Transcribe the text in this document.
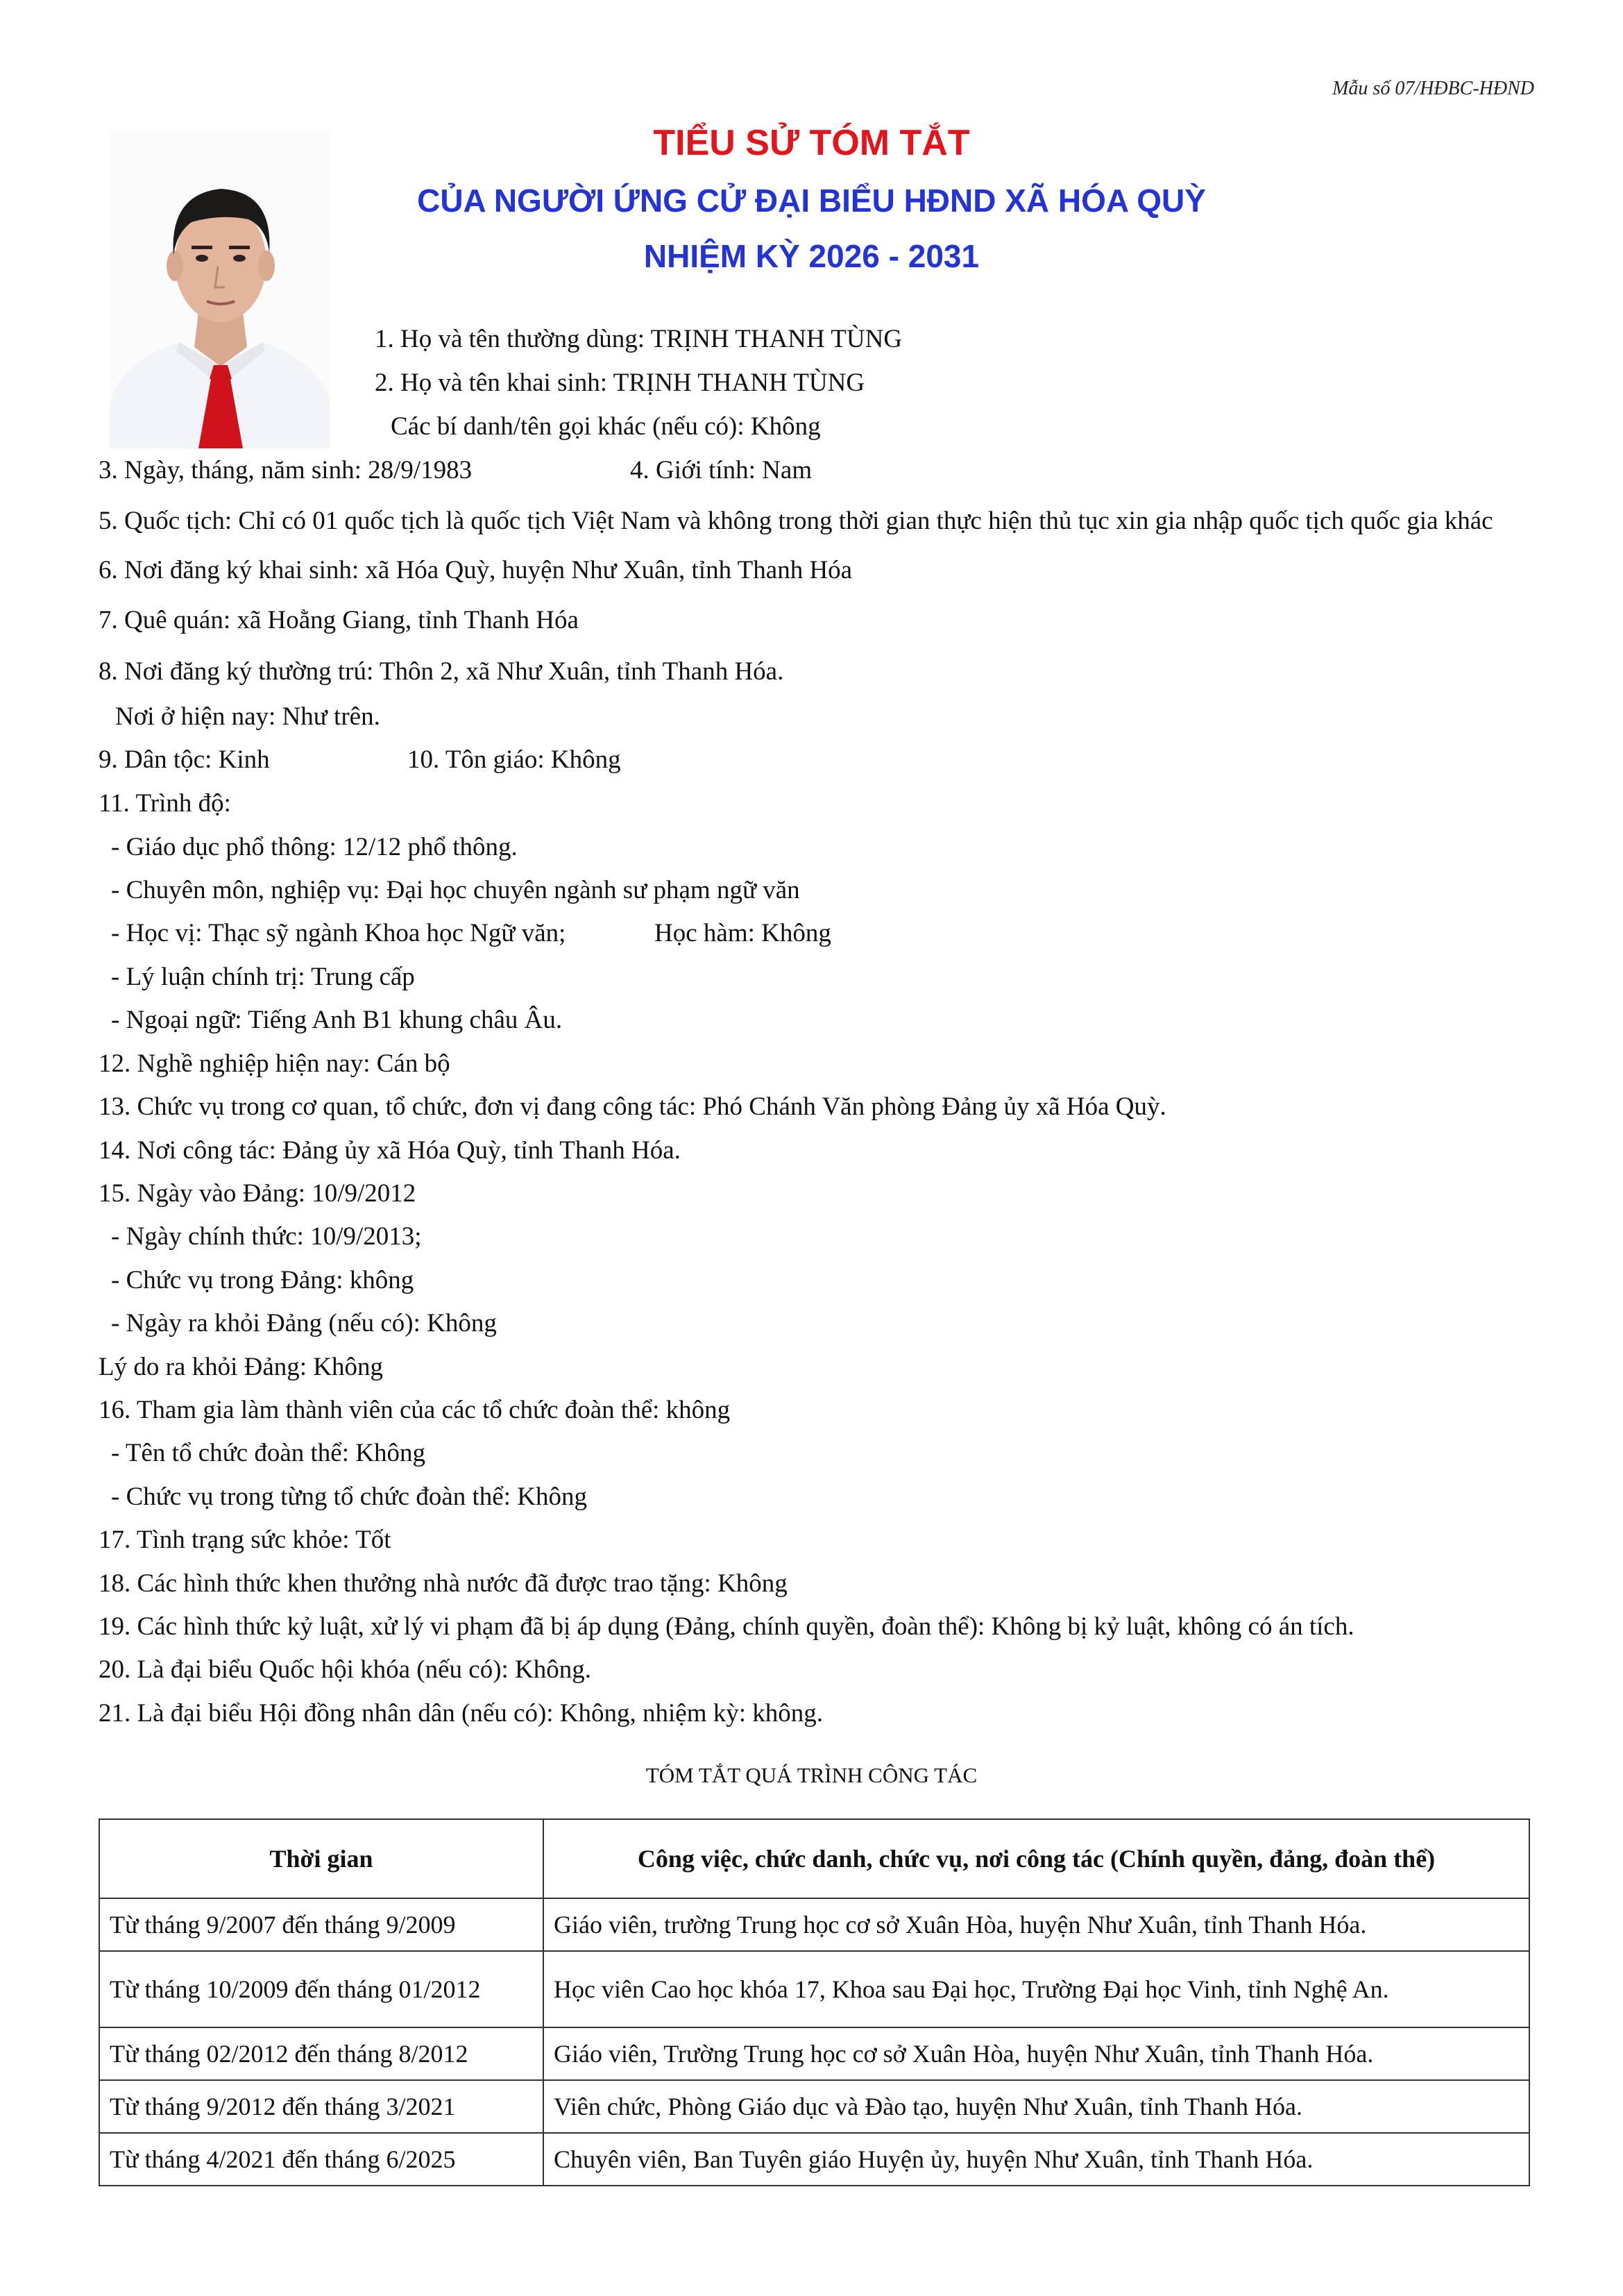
Mẫu số 07/HĐBC-HĐND
TIỂU SỬ TÓM TẮT
CỦA NGƯỜI ỨNG CỬ ĐẠI BIỂU HĐND XÃ HÓA QUỲ
NHIỆM KỲ 2026 - 2031
1. Họ và tên thường dùng: TRỊNH THANH TÙNG
2. Họ và tên khai sinh: TRỊNH THANH TÙNG
Các bí danh/tên gọi khác (nếu có): Không
3. Ngày, tháng, năm sinh: 28/9/1983	4. Giới tính: Nam
5. Quốc tịch: Chỉ có 01 quốc tịch là quốc tịch Việt Nam và không trong thời gian thực hiện thủ tục xin gia nhập quốc tịch quốc gia khác
6. Nơi đăng ký khai sinh: xã Hóa Quỳ, huyện Như Xuân, tỉnh Thanh Hóa
7. Quê quán: xã Hoằng Giang, tỉnh Thanh Hóa
8. Nơi đăng ký thường trú: Thôn 2, xã Như Xuân, tỉnh Thanh Hóa.
Nơi ở hiện nay: Như trên.
9. Dân tộc: Kinh	10. Tôn giáo: Không
11. Trình độ:
- Giáo dục phổ thông: 12/12 phổ thông.
- Chuyên môn, nghiệp vụ: Đại học chuyên ngành sư phạm ngữ văn
- Học vị: Thạc sỹ ngành Khoa học Ngữ văn;	Học hàm: Không
- Lý luận chính trị: Trung cấp
- Ngoại ngữ: Tiếng Anh B1 khung châu Âu.
12. Nghề nghiệp hiện nay: Cán bộ
13. Chức vụ trong cơ quan, tổ chức, đơn vị đang công tác: Phó Chánh Văn phòng Đảng ủy xã Hóa Quỳ.
14. Nơi công tác: Đảng ủy xã Hóa Quỳ, tỉnh Thanh Hóa.
15. Ngày vào Đảng: 10/9/2012
- Ngày chính thức: 10/9/2013;
- Chức vụ trong Đảng: không
- Ngày ra khỏi Đảng (nếu có): Không
Lý do ra khỏi Đảng: Không
16. Tham gia làm thành viên của các tổ chức đoàn thể: không
- Tên tổ chức đoàn thể: Không
- Chức vụ trong từng tổ chức đoàn thể: Không
17. Tình trạng sức khỏe: Tốt
18. Các hình thức khen thưởng nhà nước đã được trao tặng: Không
19. Các hình thức kỷ luật, xử lý vi phạm đã bị áp dụng (Đảng, chính quyền, đoàn thể): Không bị kỷ luật, không có án tích.
20. Là đại biểu Quốc hội khóa (nếu có): Không.
21. Là đại biểu Hội đồng nhân dân (nếu có): Không, nhiệm kỳ: không.
TÓM TẮT QUÁ TRÌNH CÔNG TÁC
Thời gian	Công việc, chức danh, chức vụ, nơi công tác (Chính quyền, đảng, đoàn thể)
Từ tháng 9/2007 đến tháng 9/2009	Giáo viên, trường Trung học cơ sở Xuân Hòa, huyện Như Xuân, tỉnh Thanh Hóa.
Từ tháng 10/2009 đến tháng 01/2012	Học viên Cao học khóa 17, Khoa sau Đại học, Trường Đại học Vinh, tỉnh Nghệ An.
Từ tháng 02/2012 đến tháng 8/2012	Giáo viên, Trường Trung học cơ sở Xuân Hòa, huyện Như Xuân, tỉnh Thanh Hóa.
Từ tháng 9/2012 đến tháng 3/2021	Viên chức, Phòng Giáo dục và Đào tạo, huyện Như Xuân, tỉnh Thanh Hóa.
Từ tháng 4/2021 đến tháng 6/2025	Chuyên viên, Ban Tuyên giáo Huyện ủy, huyện Như Xuân, tỉnh Thanh Hóa.
